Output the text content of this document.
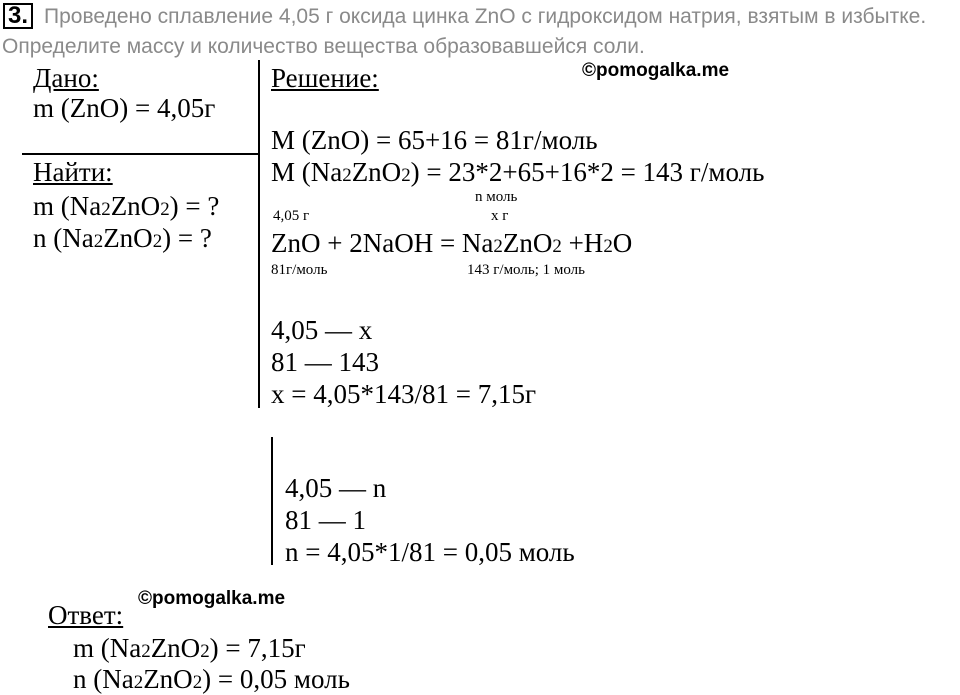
3. Проведено сплавление 4,05 г оксида цинка ZnO с гидроксидом натрия, взятым в избытке.
Определите массу и количество вещества образовавшейся соли.
Дано:
m (ZnO) = 4,05г
Найти:
m (Na2ZnO2) = ?
n (Na2ZnO2) = ?
Решение:	©pomogalka.me
M (ZnO) = 65+16 = 81г/моль
M (Na2ZnO2) = 23*2+65+16*2 = 143 г/моль
n моль
x г
4,05 г
ZnO + 2NaOH = Na2ZnO2 +H2O
81г/моль	143 г/моль; 1 моль
4,05 — x
81 — 143
x = 4,05*143/81 = 7,15г
4,05 — n
81 — 1
n = 4,05*1/81 = 0,05 моль
©pomogalka.me
Ответ:
m (Na2ZnO2) = 7,15г
n (Na2ZnO2) = 0,05 моль
